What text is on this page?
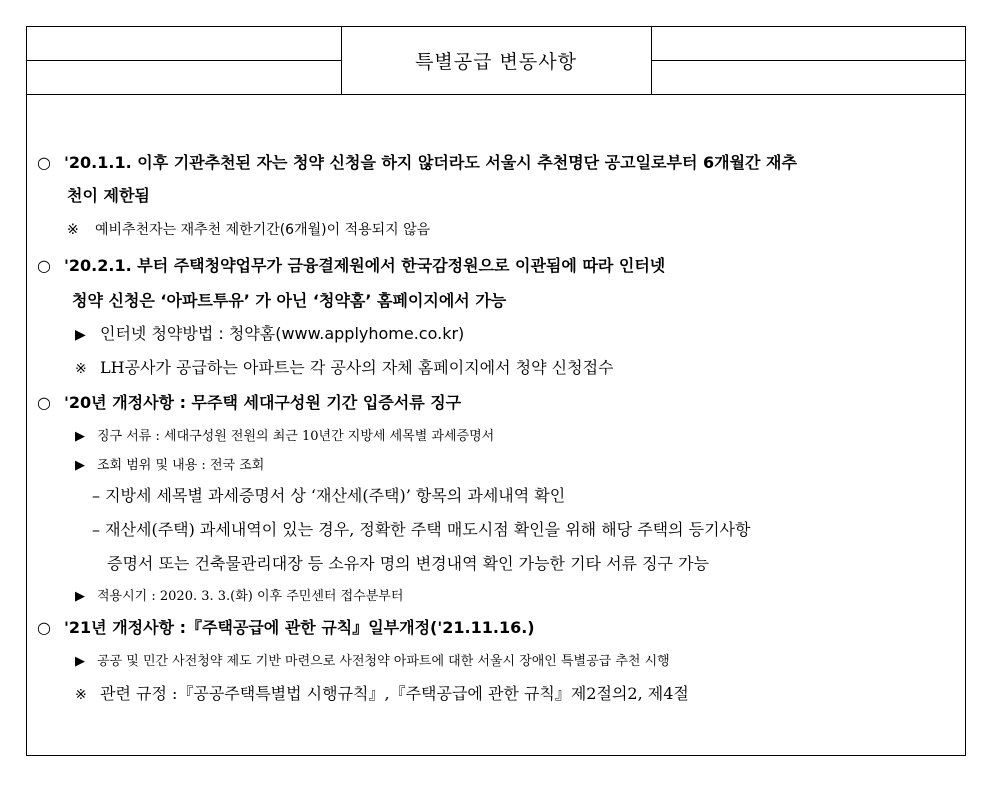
특별공급 변동사항
○ '20.1.1. 이후 기관추천된 자는 청약 신청을 하지 않더라도 서울시 추천명단 공고일로부터 6개월간 재추
천이 제한됨
※ 예비추천자는 재추천 제한기간(6개월)이 적용되지 않음
○ '20.2.1. 부터 주택청약업무가 금융결제원에서 한국감정원으로 이관됨에 따라 인터넷
청약 신청은 ‘아파트투유’ 가 아닌 ‘청약홈’ 홈페이지에서 가능
▶ 인터넷 청약방법 : 청약홈(www.applyhome.co.kr)
※ LH공사가 공급하는 아파트는 각 공사의 자체 홈페이지에서 청약 신청접수
○ '20년 개정사항 : 무주택 세대구성원 기간 입증서류 징구
▶ 징구 서류 : 세대구성원 전원의 최근 10년간 지방세 세목별 과세증명서
▶ 조회 범위 및 내용 : 전국 조회
– 지방세 세목별 과세증명서 상 ‘재산세(주택)’ 항목의 과세내역 확인
– 재산세(주택) 과세내역이 있는 경우, 정확한 주택 매도시점 확인을 위해 해당 주택의 등기사항
증명서 또는 건축물관리대장 등 소유자 명의 변경내역 확인 가능한 기타 서류 징구 가능
▶ 적용시기 : 2020. 3. 3.(화) 이후 주민센터 접수분부터
○ '21년 개정사항 :『주택공급에 관한 규칙』일부개정('21.11.16.)
▶ 공공 및 민간 사전청약 제도 기반 마련으로 사전청약 아파트에 대한 서울시 장애인 특별공급 추천 시행
※ 관련 규정 :『공공주택특별법 시행규칙』,『주택공급에 관한 규칙』제2절의2, 제4절
